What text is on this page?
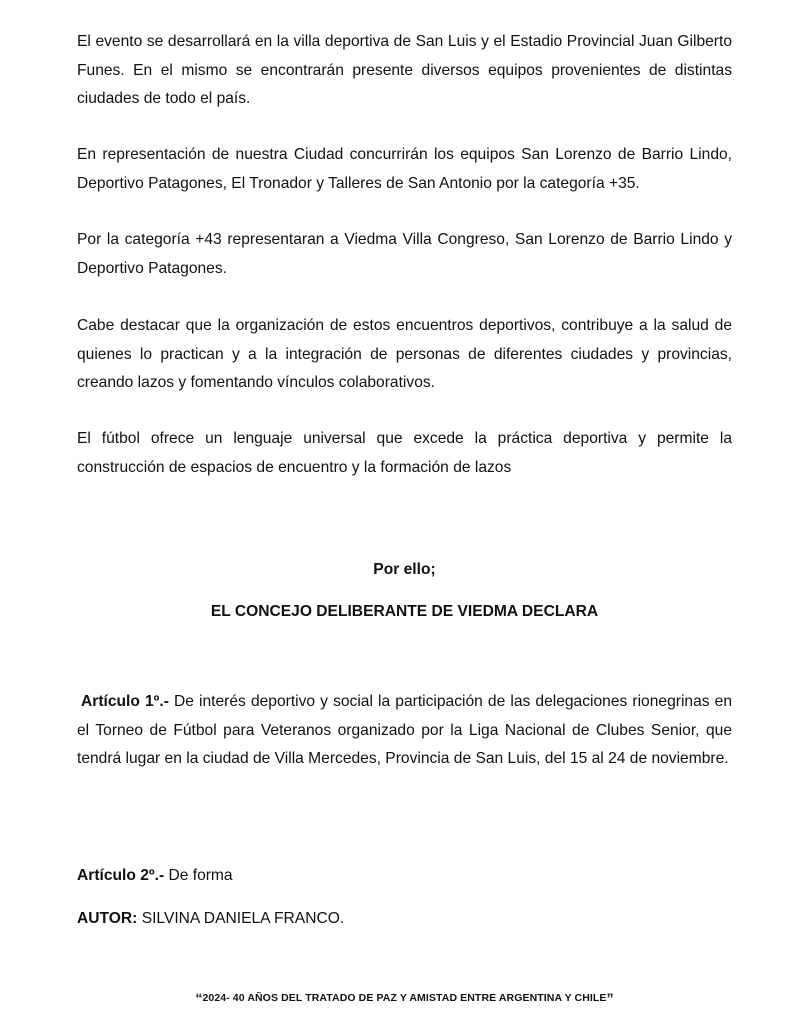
El evento se desarrollará en la villa deportiva de San Luis y el Estadio Provincial Juan Gilberto Funes. En el mismo se encontrarán presente diversos equipos provenientes de distintas ciudades de todo el país.

En representación de nuestra Ciudad concurrirán los equipos San Lorenzo de Barrio Lindo, Deportivo Patagones, El Tronador y Talleres de San Antonio por la categoría +35.

Por la categoría +43 representaran a Viedma Villa Congreso, San Lorenzo de Barrio Lindo y Deportivo Patagones.

Cabe destacar que la organización de estos encuentros deportivos, contribuye a la salud de quienes lo practican y a la integración de personas de diferentes ciudades y provincias, creando lazos y fomentando vínculos colaborativos.

El fútbol ofrece un lenguaje universal que excede la práctica deportiva y permite la construcción de espacios de encuentro y la formación de lazos

Por ello;
EL CONCEJO DELIBERANTE DE VIEDMA DECLARA

Artículo 1º.- De interés deportivo y social la participación de las delegaciones rionegrinas en el Torneo de Fútbol para Veteranos organizado por la Liga Nacional de Clubes Senior, que tendrá lugar en la ciudad de Villa Mercedes, Provincia de San Luis, del 15 al 24 de noviembre.

Artículo 2º.- De forma

AUTOR: SILVINA DANIELA FRANCO.

“2024- 40 AÑOS DEL TRATADO DE PAZ Y AMISTAD ENTRE ARGENTINA Y CHILE”
